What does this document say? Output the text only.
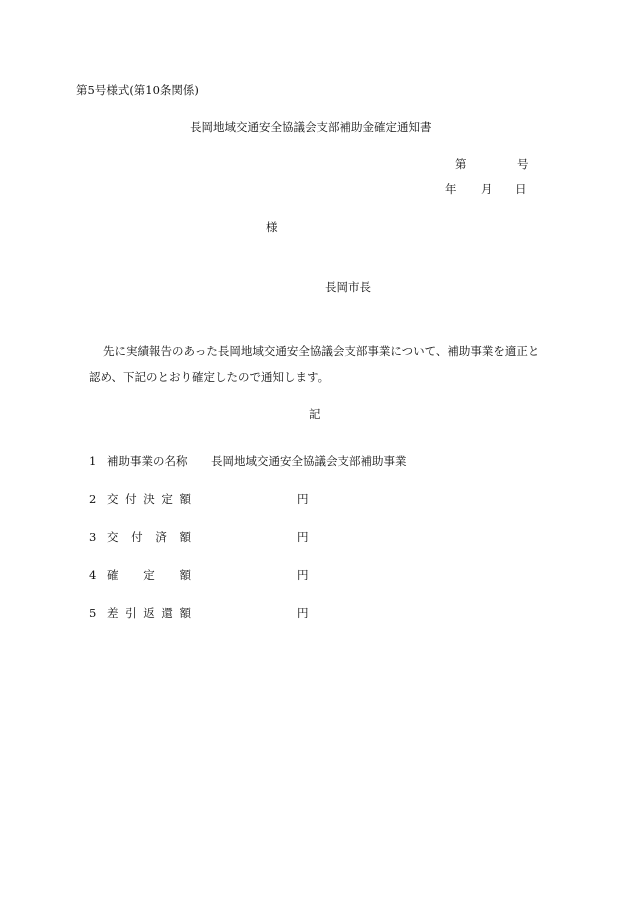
第5号様式(第10条関係)
長岡地域交通安全協議会支部補助金確定通知書
第	号
年 月 日
様
長岡市長
先に実績報告のあった長岡地域交通安全協議会支部事業について、補助事業を適正と
認め、下記のとおり確定したので通知します。
記
1 補助事業の名称 長岡地域交通安全協議会支部補助事業
2 交付決定額	円
3 交付済額	円
4 確定額	円
5 差引返還額	円
